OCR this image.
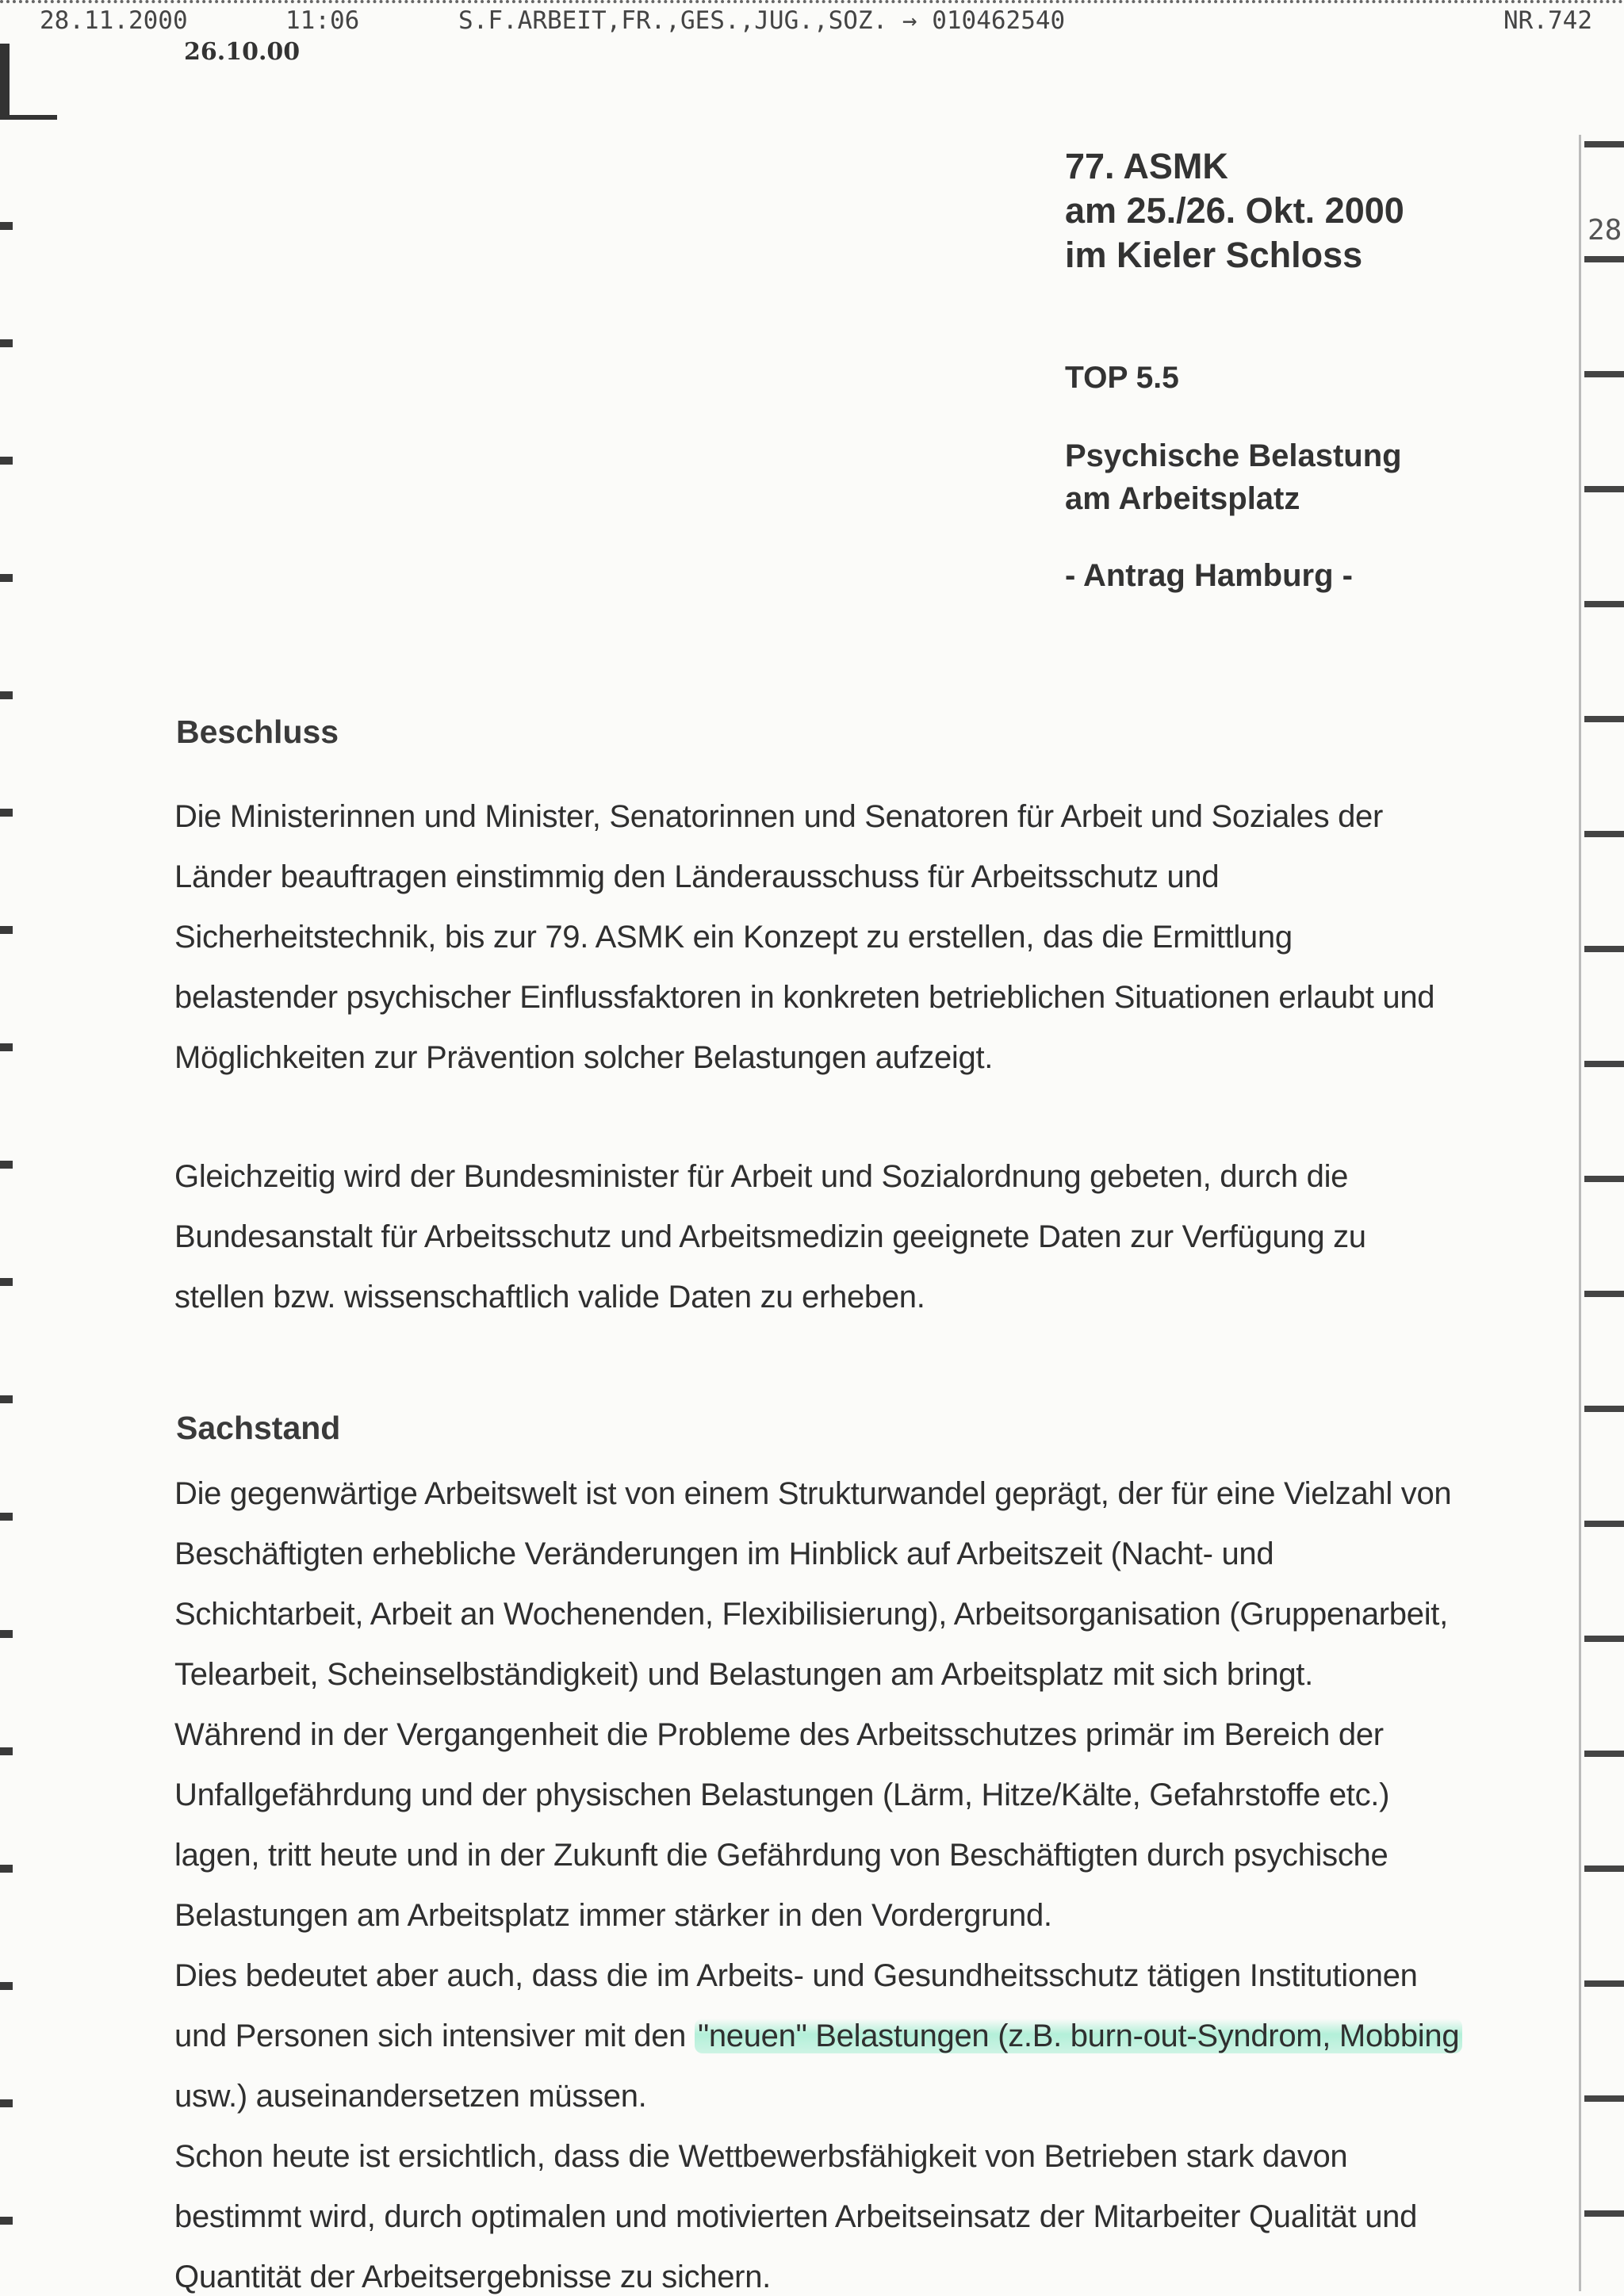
28.11.2000	11:06	S.F.ARBEIT,FR.,GES.,JUG.,SOZ. → 010462540	NR.742
26.10.00
28
77. ASMK
am 25./26. Okt. 2000
im Kieler Schloss
TOP 5.5
Psychische Belastung
am Arbeitsplatz
- Antrag Hamburg -
Beschluss

Die Ministerinnen und Minister, Senatorinnen und Senatoren für Arbeit und Soziales der

Länder beauftragen einstimmig den Länderausschuss für Arbeitsschutz und

Sicherheitstechnik, bis zur 79. ASMK ein Konzept zu erstellen, das die Ermittlung

belastender psychischer Einflussfaktoren in konkreten betrieblichen Situationen erlaubt und

Möglichkeiten zur Prävention solcher Belastungen aufzeigt.

Gleichzeitig wird der Bundesminister für Arbeit und Sozialordnung gebeten, durch die

Bundesanstalt für Arbeitsschutz und Arbeitsmedizin geeignete Daten zur Verfügung zu

stellen bzw. wissenschaftlich valide Daten zu erheben.

Sachstand

Die gegenwärtige Arbeitswelt ist von einem Strukturwandel geprägt, der für eine Vielzahl von

Beschäftigten erhebliche Veränderungen im Hinblick auf Arbeitszeit (Nacht- und

Schichtarbeit, Arbeit an Wochenenden, Flexibilisierung), Arbeitsorganisation (Gruppenarbeit,

Telearbeit, Scheinselbständigkeit) und Belastungen am Arbeitsplatz mit sich bringt.

Während in der Vergangenheit die Probleme des Arbeitsschutzes primär im Bereich der

Unfallgefährdung und der physischen Belastungen (Lärm, Hitze/Kälte, Gefahrstoffe etc.)

lagen, tritt heute und in der Zukunft die Gefährdung von Beschäftigten durch psychische

Belastungen am Arbeitsplatz immer stärker in den Vordergrund.

Dies bedeutet aber auch, dass die im Arbeits- und Gesundheitsschutz tätigen Institutionen

und Personen sich intensiver mit den "neuen" Belastungen (z.B. burn-out-Syndrom, Mobbing

usw.) auseinandersetzen müssen.

Schon heute ist ersichtlich, dass die Wettbewerbsfähigkeit von Betrieben stark davon

bestimmt wird, durch optimalen und motivierten Arbeitseinsatz der Mitarbeiter Qualität und

Quantität der Arbeitsergebnisse zu sichern.
